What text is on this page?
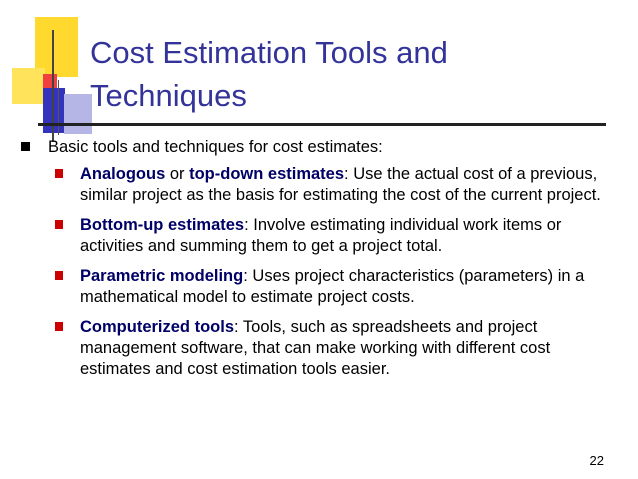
Cost Estimation Tools and
Techniques
Basic tools and techniques for cost estimates:
Analogous or top-down estimates: Use the actual cost of a previous, similar project as the basis for estimating the cost of the current project.
Bottom-up estimates: Involve estimating individual work items or activities and summing them to get a project total.
Parametric modeling: Uses project characteristics (parameters) in a mathematical model to estimate project costs.
Computerized tools: Tools, such as spreadsheets and project management software, that can make working with different cost estimates and cost estimation tools easier.
22
